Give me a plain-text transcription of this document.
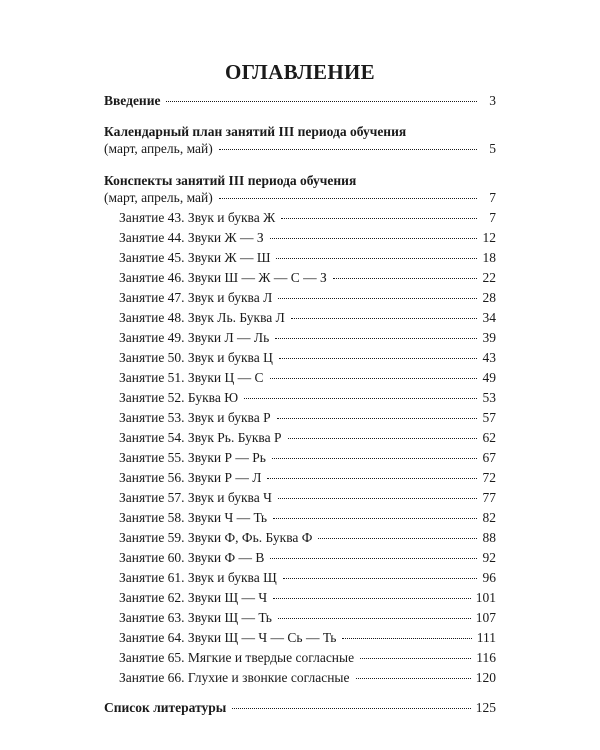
ОГЛАВЛЕНИЕ
Введение	3
Календарный план занятий III периода обучения
(март, апрель, май)	5
Конспекты занятий III периода обучения
(март, апрель, май)	7
Занятие 43. Звук и буква Ж	7
Занятие 44. Звуки Ж — З	12
Занятие 45. Звуки Ж — Ш	18
Занятие 46. Звуки Ш — Ж — С — З	22
Занятие 47. Звук и буква Л	28
Занятие 48. Звук Ль. Буква Л	34
Занятие 49. Звуки Л — Ль	39
Занятие 50. Звук и буква Ц	43
Занятие 51. Звуки Ц — С	49
Занятие 52. Буква Ю	53
Занятие 53. Звук и буква Р	57
Занятие 54. Звук Рь. Буква Р	62
Занятие 55. Звуки Р — Рь	67
Занятие 56. Звуки Р — Л	72
Занятие 57. Звук и буква Ч	77
Занятие 58. Звуки Ч — Ть	82
Занятие 59. Звуки Ф, Фь. Буква Ф	88
Занятие 60. Звуки Ф — В	92
Занятие 61. Звук и буква Щ	96
Занятие 62. Звуки Щ — Ч	101
Занятие 63. Звуки Щ — Ть	107
Занятие 64. Звуки Щ — Ч — Сь — Ть	111
Занятие 65. Мягкие и твердые согласные	116
Занятие 66. Глухие и звонкие согласные	120
Список литературы	125
